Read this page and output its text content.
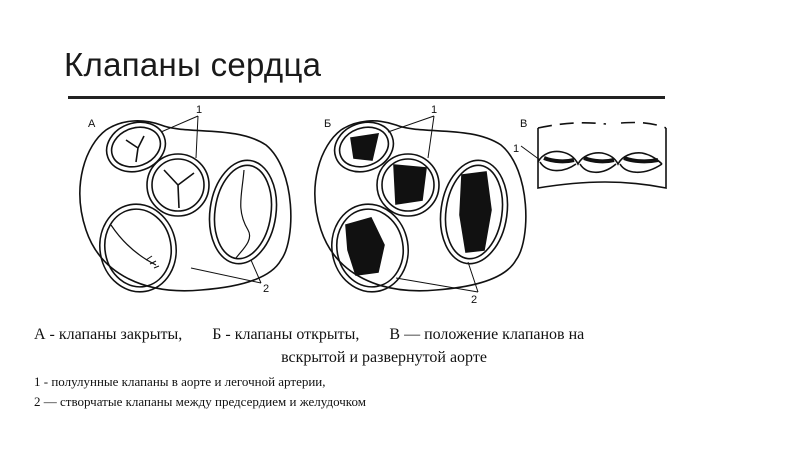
Клапаны сердца
А	Б	В
1	1
1
2
2
А - клапаны закрыты, Б - клапаны открыты, В — положение клапанов на
вскрытой и развернутой аорте
1 - полулунные клапаны в аорте и легочной артерии,
2 — створчатые клапаны между предсердием и желудочком
